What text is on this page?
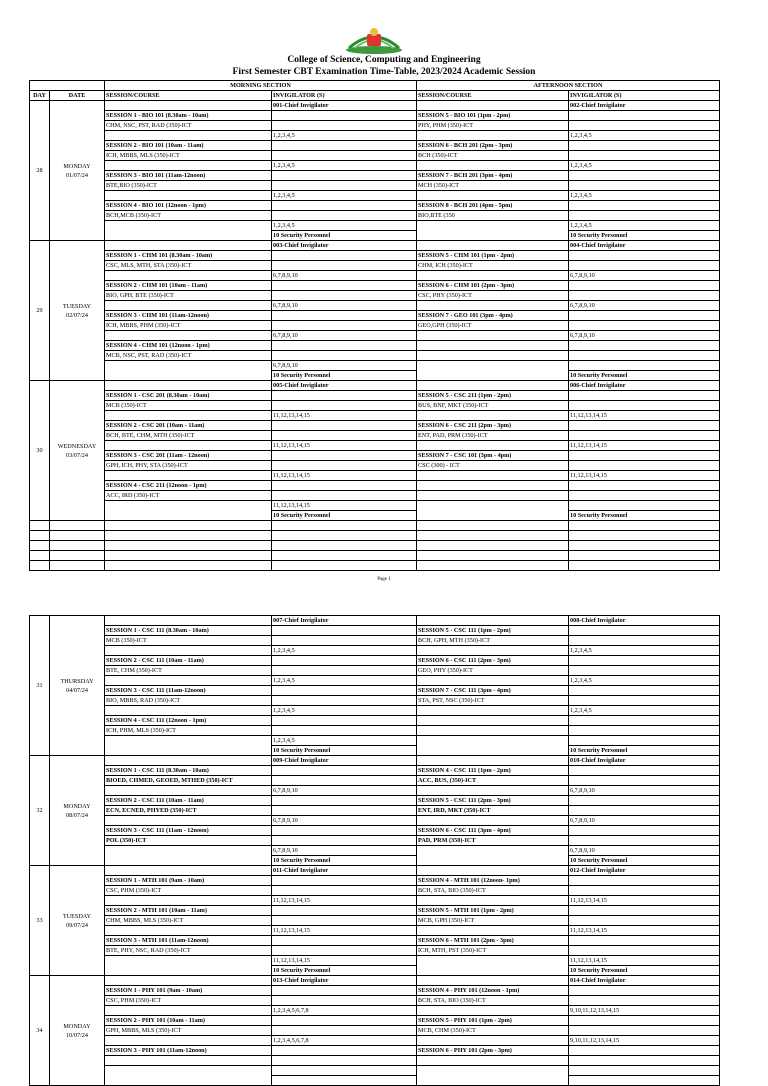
College of Science, Computing and Engineering
First Semester CBT Examination Time-Table, 2023/2024 Academic Session
		MORNING SECTION		AFTERNOON SECTION	
DAY	DATE	SESSION/COURSE	INVIGILATOR (S)	SESSION/COURSE	INVIGILATOR (S)
28	MONDAY
01/07/24		001-Chief Invigilator		002-Chief Invigilator
		SESSION 1 - BIO 101 (8.30am - 10am)		SESSION 5 - BIO 101 (1pm - 2pm)	
		CHM, NSC, PST, RAD (350)-ICT		PHY, PHM (350)-ICT	
			1,2,3,4,5		1,2,3,4,5
		SESSION 2 - BIO 101 (10am - 11am)		SESSION 6 - BCH 201 (2pm - 3pm)	
		ICH, MBBS, MLS (350)-ICT		BCH (350)-ICT	
			1,2,3,4,5		1,2,3,4,5
		SESSION 3 - BIO 101 (11am-12noon)		SESSION 7 - BCH 201 (3pm - 4pm)	
		BTE,BIO (350)-ICT		MCH (350)-ICT	
			1,2,3,4,5		1,2,3,4,5
		SESSION 4 - BIO 101 (12noon - 1pm)		SESSION 8 - BCH 201 (4pm - 5pm)	
		BCH,MCB (350)-ICT		BIO,BTE (350	
			1,2,3,4,5		1,2,3,4,5
			10 Security Personnel		10 Security Personnel
29	TUESDAY
02/07/24		003-Chief Invigilator		004-Chief Invigilator
		SESSION 1 - CHM 101 (8.30am - 10am)		SESSION 5 - CHM 101 (1pm - 2pm)	
		CSC, MLS, MTH, STA (350)-ICT		CHM, ICH (350)-ICT	
			6,7,8,9,10		6,7,8,9,10
		SESSION 2 - CHM 101 (10am - 11am)		SESSION 6 - CHM 101 (2pm - 3pm)	
		BIO, GPH, BTE (350)-ICT		CSC, PHY (350)-ICT	
			6,7,8,9,10		6,7,8,9,10
		SESSION 3 - CHM 101 (11am-12noon)		SESSION 7 - GEO 101 (3pm - 4pm)	
		ICH, MBBS, PHM (350)-ICT		GEO,GPH (350)-ICT	
			6,7,8,9,10		6,7,8,9,10
		SESSION 4 - CHM 101 (12noon - 1pm)			
		MCB, NSC, PST, RAD (350)-ICT			
			6,7,8,9,10		
			10 Security Personnel		10 Security Personnel
30	WEDNESDAY
03/07/24		005-Chief Invigilator		006-Chief Invigilator
		SESSION 1 - CSC 201 (8.30am - 10am)		SESSION 5 - CSC 211 (1pm - 2pm)	
		MCB (350)-ICT		BUS, BNF, MKT (350)-ICT	
			11,12,13,14,15		11,12,13,14,15
		SESSION 2 - CSC 201 (10am - 11am)		SESSION 6 - CSC 211 (2pm - 3pm)	
		BCH, BTE, CHM, MTH (350)-ICT		ENT, PAD, PRM (350)-ICT	
			11,12,13,14,15		11,12,13,14,15
		SESSION 3 - CSC 201 (11am - 12noon)		SESSION 7 - CSC 101 (3pm - 4pm)	
		GPH, ICH, PHY, STA (350)-ICT		CSC (300) - ICT	
			11,12,13,14,15		11,12,13,14,15
		SESSION 4 - CSC 211 (12noon - 1pm)			
		ACC, IRD (350)-ICT			
			11,12,13,14,15		
			10 Security Personnel		10 Security Personnel

Page 1
31	THURSDAY
04/07/24		007-Chief Invigilator		008-Chief Invigilator
		SESSION 1 - CSC 111 (8.30am - 10am)		SESSION 5 - CSC 111 (1pm - 2pm)	
		MCB (350)-ICT		BCH, GPH, MTH (350)-ICT	
			1,2,3,4,5		1,2,3,4,5
		SESSION 2 - CSC 111 (10am - 11am)		SESSION 6 - CSC 111 (2pm - 3pm)	
		BTE, CHM (350)-ICT		GEO, PHY (350)-ICT	
			1,2,3,4,5		1,2,3,4,5
		SESSION 3 - CSC 111 (11am-12noon)		SESSION 7 - CSC 111 (3pm - 4pm)	
		BIO, MBBS, RAD (350)-ICT		STA, PST, NSC (350)-ICT	
			1,2,3,4,5		1,2,3,4,5
		SESSION 4 - CSC 111 (12noon - 1pm)			
		ICH, PHM, MLS (350)-ICT			
			1,2,3,4,5		
			10 Security Personnel		10 Security Personnel
32	MONDAY
08/07/24		009-Chief Invigilator		010-Chief Invigilator
		SESSION 1 - CSC 111 (8.30am - 10am)		SESSION 4 - CSC 111 (1pm - 2pm)	
		BIOED, CHMED, GEOED, MTHED (350)-ICT		ACC, BUS, (350)-ICT	
			6,7,8,9,10		6,7,8,9,10
		SESSION 2 - CSC 111 (10am - 11am)		SESSION 5 - CSC 111 (2pm - 3pm)	
		ECN, ECNED, PHYED (350)-ICT		ENT, IRD, MKT (350)-ICT	
			6,7,8,9,10		6,7,8,9,10
		SESSION 3 - CSC 111 (11am - 12noon)		SESSION 6 - CSC 111 (3pm - 4pm)	
		POL (350)-ICT		PAD, PRM (350)-ICT	
			6,7,8,9,10		6,7,8,9,10
			10 Security Personnel		10 Security Personnel
33	TUESDAY
09/07/24		011-Chief Invigilator		012-Chief Invigilator
		SESSION 1 - MTH 101 (9am - 10am)		SESSION 4 - MTH 101 (12noon- 1pm)	
		CSC, PHM (350)-ICT		BCH, STA, BIO (350)-ICT	
			11,12,13,14,15		11,12,13,14,15
		SESSION 2 - MTH 101 (10am - 11am)		SESSION 5 - MTH 101 (1pm - 2pm)	
		CHM, MBBS, MLS (350)-ICT		MCB, GPH (350)-ICT	
			11,12,13,14,15		11,12,13,14,15
		SESSION 3 - MTH 101 (11am-12noon)		SESSION 6 - MTH 101 (2pm - 3pm)	
		BTE, PHY, NSC, RAD (350)-ICT		ICH, MTH, PST (350)-ICT	
			11,12,13,14,15		11,12,13,14,15
			10 Security Personnel		10 Security Personnel
34	MONDAY
10/07/24		013-Chief Invigilator		014-Chief Invigilator
		SESSION 1 - PHY 101 (9am - 10am)		SESSION 4 - PHY 101 (12noon - 1pm)	
		CSC, PHM (350)-ICT		BCH, STA, BIO (350)-ICT	
			1,2,3,4,5,6,7,8		9,10,11,12,13,14,15
		SESSION 2 - PHY 101 (10am - 11am)		SESSION 5 - PHY 101 (1pm - 2pm)	
		GPH, MBBS, MLS (350)-ICT		MCB, CHM (350)-ICT	
			1,2,3,4,5,6,7,8		9,10,11,12,13,14,15
		SESSION 3 - PHY 101 (11am-12noon)		SESSION 6 - PHY 101 (2pm - 3pm)	
